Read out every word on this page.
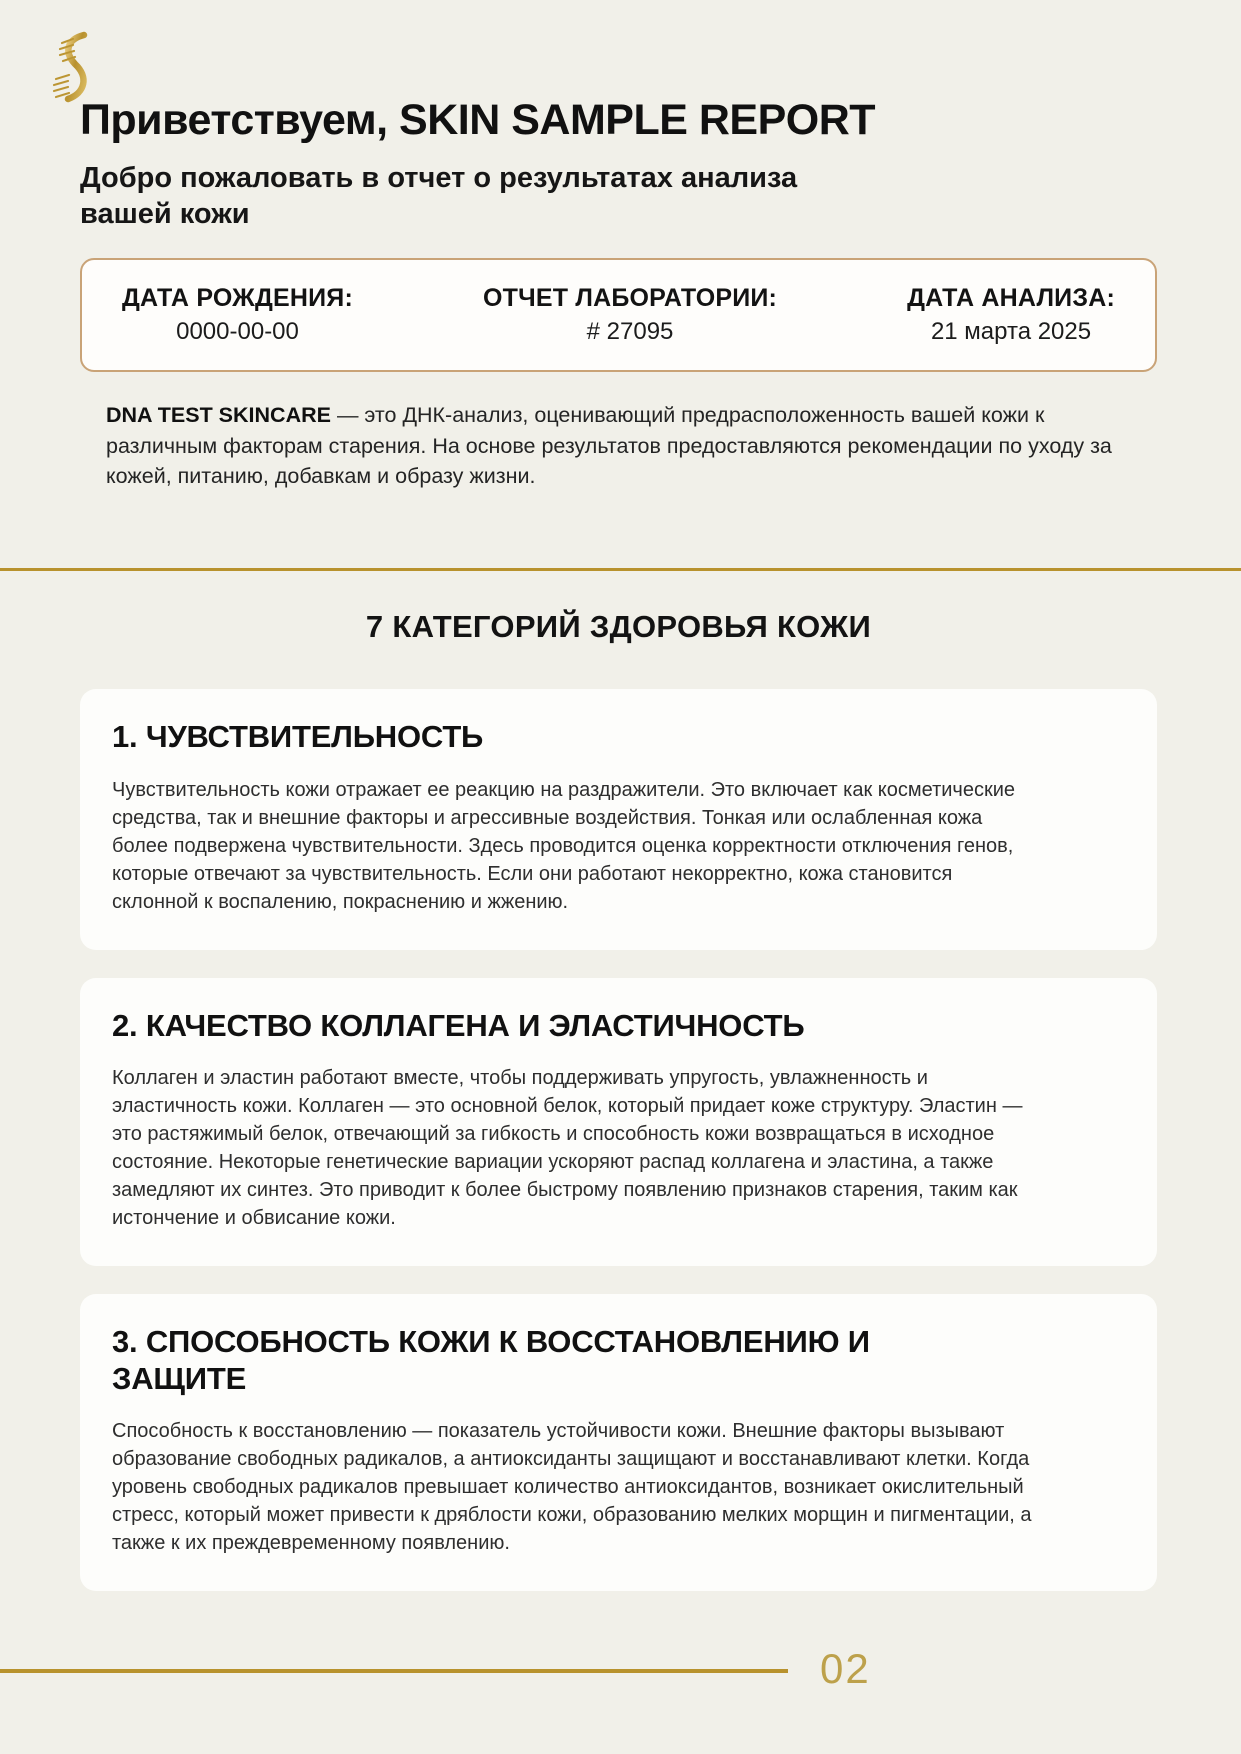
Приветствуем, SKIN SAMPLE REPORT
Добро пожаловать в отчет о результатах анализа вашей кожи
ДАТА РОЖДЕНИЯ:
0000-00-00
ОТЧЕТ ЛАБОРАТОРИИ:
# 27095
ДАТА АНАЛИЗА:
21 марта 2025

DNA TEST SKINCARE — это ДНК-анализ, оценивающий предрасположенность вашей кожи к различным факторам старения. На основе результатов предоставляются рекомендации по уходу за кожей, питанию, добавкам и образу жизни.

7 КАТЕГОРИЙ ЗДОРОВЬЯ КОЖИ
1. ЧУВСТВИТЕЛЬНОСТЬ

Чувствительность кожи отражает ее реакцию на раздражители. Это включает как косметические средства, так и внешние факторы и агрессивные воздействия. Тонкая или ослабленная кожа более подвержена чувствительности. Здесь проводится оценка корректности отключения генов, которые отвечают за чувствительность. Если они работают некорректно, кожа становится склонной к воспалению, покраснению и жжению.

2. КАЧЕСТВО КОЛЛАГЕНА И ЭЛАСТИЧНОСТЬ

Коллаген и эластин работают вместе, чтобы поддерживать упругость, увлажненность и эластичность кожи. Коллаген — это основной белок, который придает коже структуру. Эластин — это растяжимый белок, отвечающий за гибкость и способность кожи возвращаться в исходное состояние. Некоторые генетические вариации ускоряют распад коллагена и эластина, а также замедляют их синтез. Это приводит к более быстрому появлению признаков старения, таким как истончение и обвисание кожи.

3. СПОСОБНОСТЬ КОЖИ К ВОССТАНОВЛЕНИЮ И ЗАЩИТЕ

Способность к восстановлению — показатель устойчивости кожи. Внешние факторы вызывают образование свободных радикалов, а антиоксиданты защищают и восстанавливают клетки. Когда уровень свободных радикалов превышает количество антиоксидантов, возникает окислительный стресс, который может привести к дряблости кожи, образованию мелких морщин и пигментации, а также к их преждевременному появлению.

02
